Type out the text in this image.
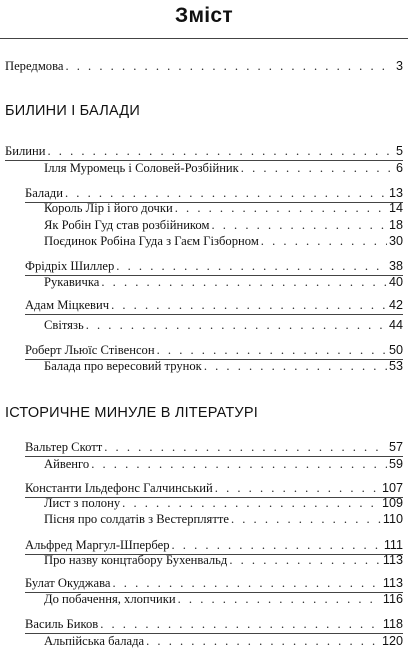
Зміст
Передмова . . .	3
БИЛИНИ І БАЛАДИ
Билини . . .	5
Ілля Муромець і Соловей-Розбійник . . .	6
Балади . . .	13
Король Лір і його дочки . . .	14
Як Робін Гуд став розбійником . . .	18
Поєдинок Робіна Гуда з Гаєм Гізборном . . .	30
Фрідріх Шиллер . . .	38
Рукавичка . . .	40
Адам Міцкевич . . .	42
Світязь . . .	44
Роберт Льюїс Стівенсон . . .	50
Балада про вересовий трунок . . .	53
ІСТОРИЧНЕ МИНУЛЕ В ЛІТЕРАТУРІ
Вальтер Скотт . . .	57
Айвенго . . .	59
Константи Ільдефонс Галчинський . . .	107
Лист з полону . . .	109
Пісня про солдатів з Вестерплятте . . .	110
Альфред Маргул-Шпербер . . .	111
Про назву концтабору Бухенвальд . . .	113
Булат Окуджава . . .	113
До побачення, хлопчики . . .	116
Василь Биков . . .	118
Альпійська балада . . .	120
